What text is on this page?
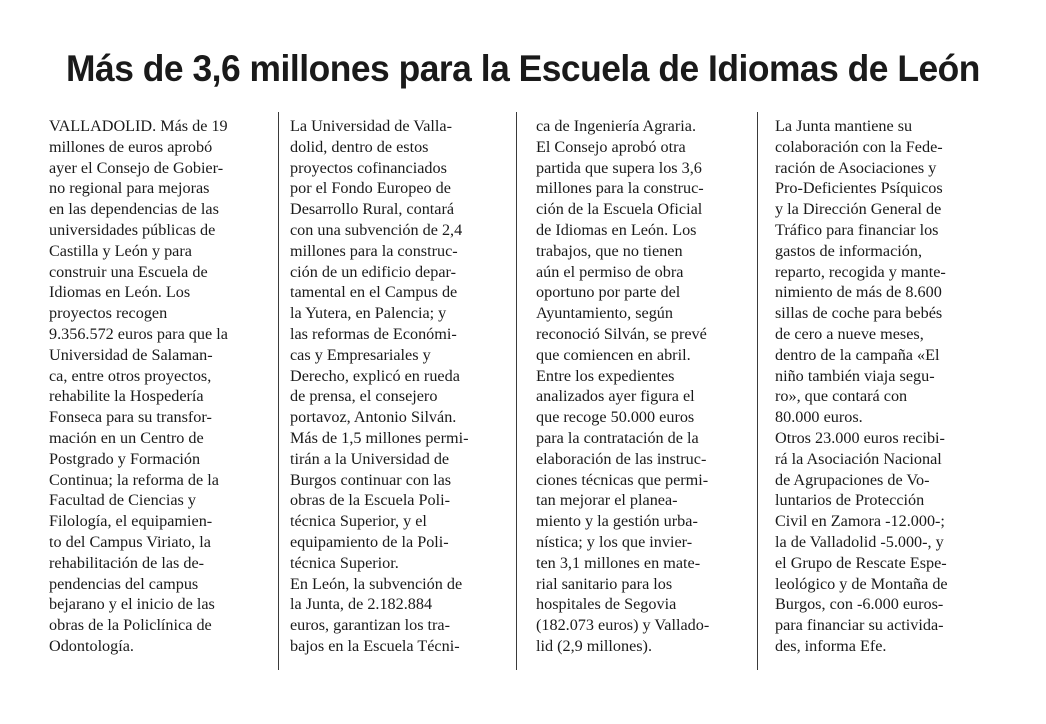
Más de 3,6 millones para la Escuela de Idiomas de León
VALLADOLID. Más de 19
millones de euros aprobó
ayer el Consejo de Gobier-
no regional para mejoras
en las dependencias de las
universidades públicas de
Castilla y León y para
construir una Escuela de
Idiomas en León. Los
proyectos recogen
9.356.572 euros para que la
Universidad de Salaman-
ca, entre otros proyectos,
rehabilite la Hospedería
Fonseca para su transfor-
mación en un Centro de
Postgrado y Formación
Continua; la reforma de la
Facultad de Ciencias y
Filología, el equipamien-
to del Campus Viriato, la
rehabilitación de las de-
pendencias del campus
bejarano y el inicio de las
obras de la Policlínica de
Odontología.
La Universidad de Valla-
dolid, dentro de estos
proyectos cofinanciados
por el Fondo Europeo de
Desarrollo Rural, contará
con una subvención de 2,4
millones para la construc-
ción de un edificio depar-
tamental en el Campus de
la Yutera, en Palencia; y
las reformas de Económi-
cas y Empresariales y
Derecho, explicó en rueda
de prensa, el consejero
portavoz, Antonio Silván.
Más de 1,5 millones permi-
tirán a la Universidad de
Burgos continuar con las
obras de la Escuela Poli-
técnica Superior, y el
equipamiento de la Poli-
técnica Superior.
En León, la subvención de
la Junta, de 2.182.884
euros, garantizan los tra-
bajos en la Escuela Técni-
ca de Ingeniería Agraria.
El Consejo aprobó otra
partida que supera los 3,6
millones para la construc-
ción de la Escuela Oficial
de Idiomas en León. Los
trabajos, que no tienen
aún el permiso de obra
oportuno por parte del
Ayuntamiento, según
reconoció Silván, se prevé
que comiencen en abril.
Entre los expedientes
analizados ayer figura el
que recoge 50.000 euros
para la contratación de la
elaboración de las instruc-
ciones técnicas que permi-
tan mejorar el planea-
miento y la gestión urba-
nística; y los que invier-
ten 3,1 millones en mate-
rial sanitario para los
hospitales de Segovia
(182.073 euros) y Vallado-
lid (2,9 millones).
La Junta mantiene su
colaboración con la Fede-
ración de Asociaciones y
Pro-Deficientes Psíquicos
y la Dirección General de
Tráfico para financiar los
gastos de información,
reparto, recogida y mante-
nimiento de más de 8.600
sillas de coche para bebés
de cero a nueve meses,
dentro de la campaña «El
niño también viaja segu-
ro», que contará con
80.000 euros.
Otros 23.000 euros recibi-
rá la Asociación Nacional
de Agrupaciones de Vo-
luntarios de Protección
Civil en Zamora -12.000-;
la de Valladolid -5.000-, y
el Grupo de Rescate Espe-
leológico y de Montaña de
Burgos, con -6.000 euros-
para financiar su activida-
des, informa Efe.
